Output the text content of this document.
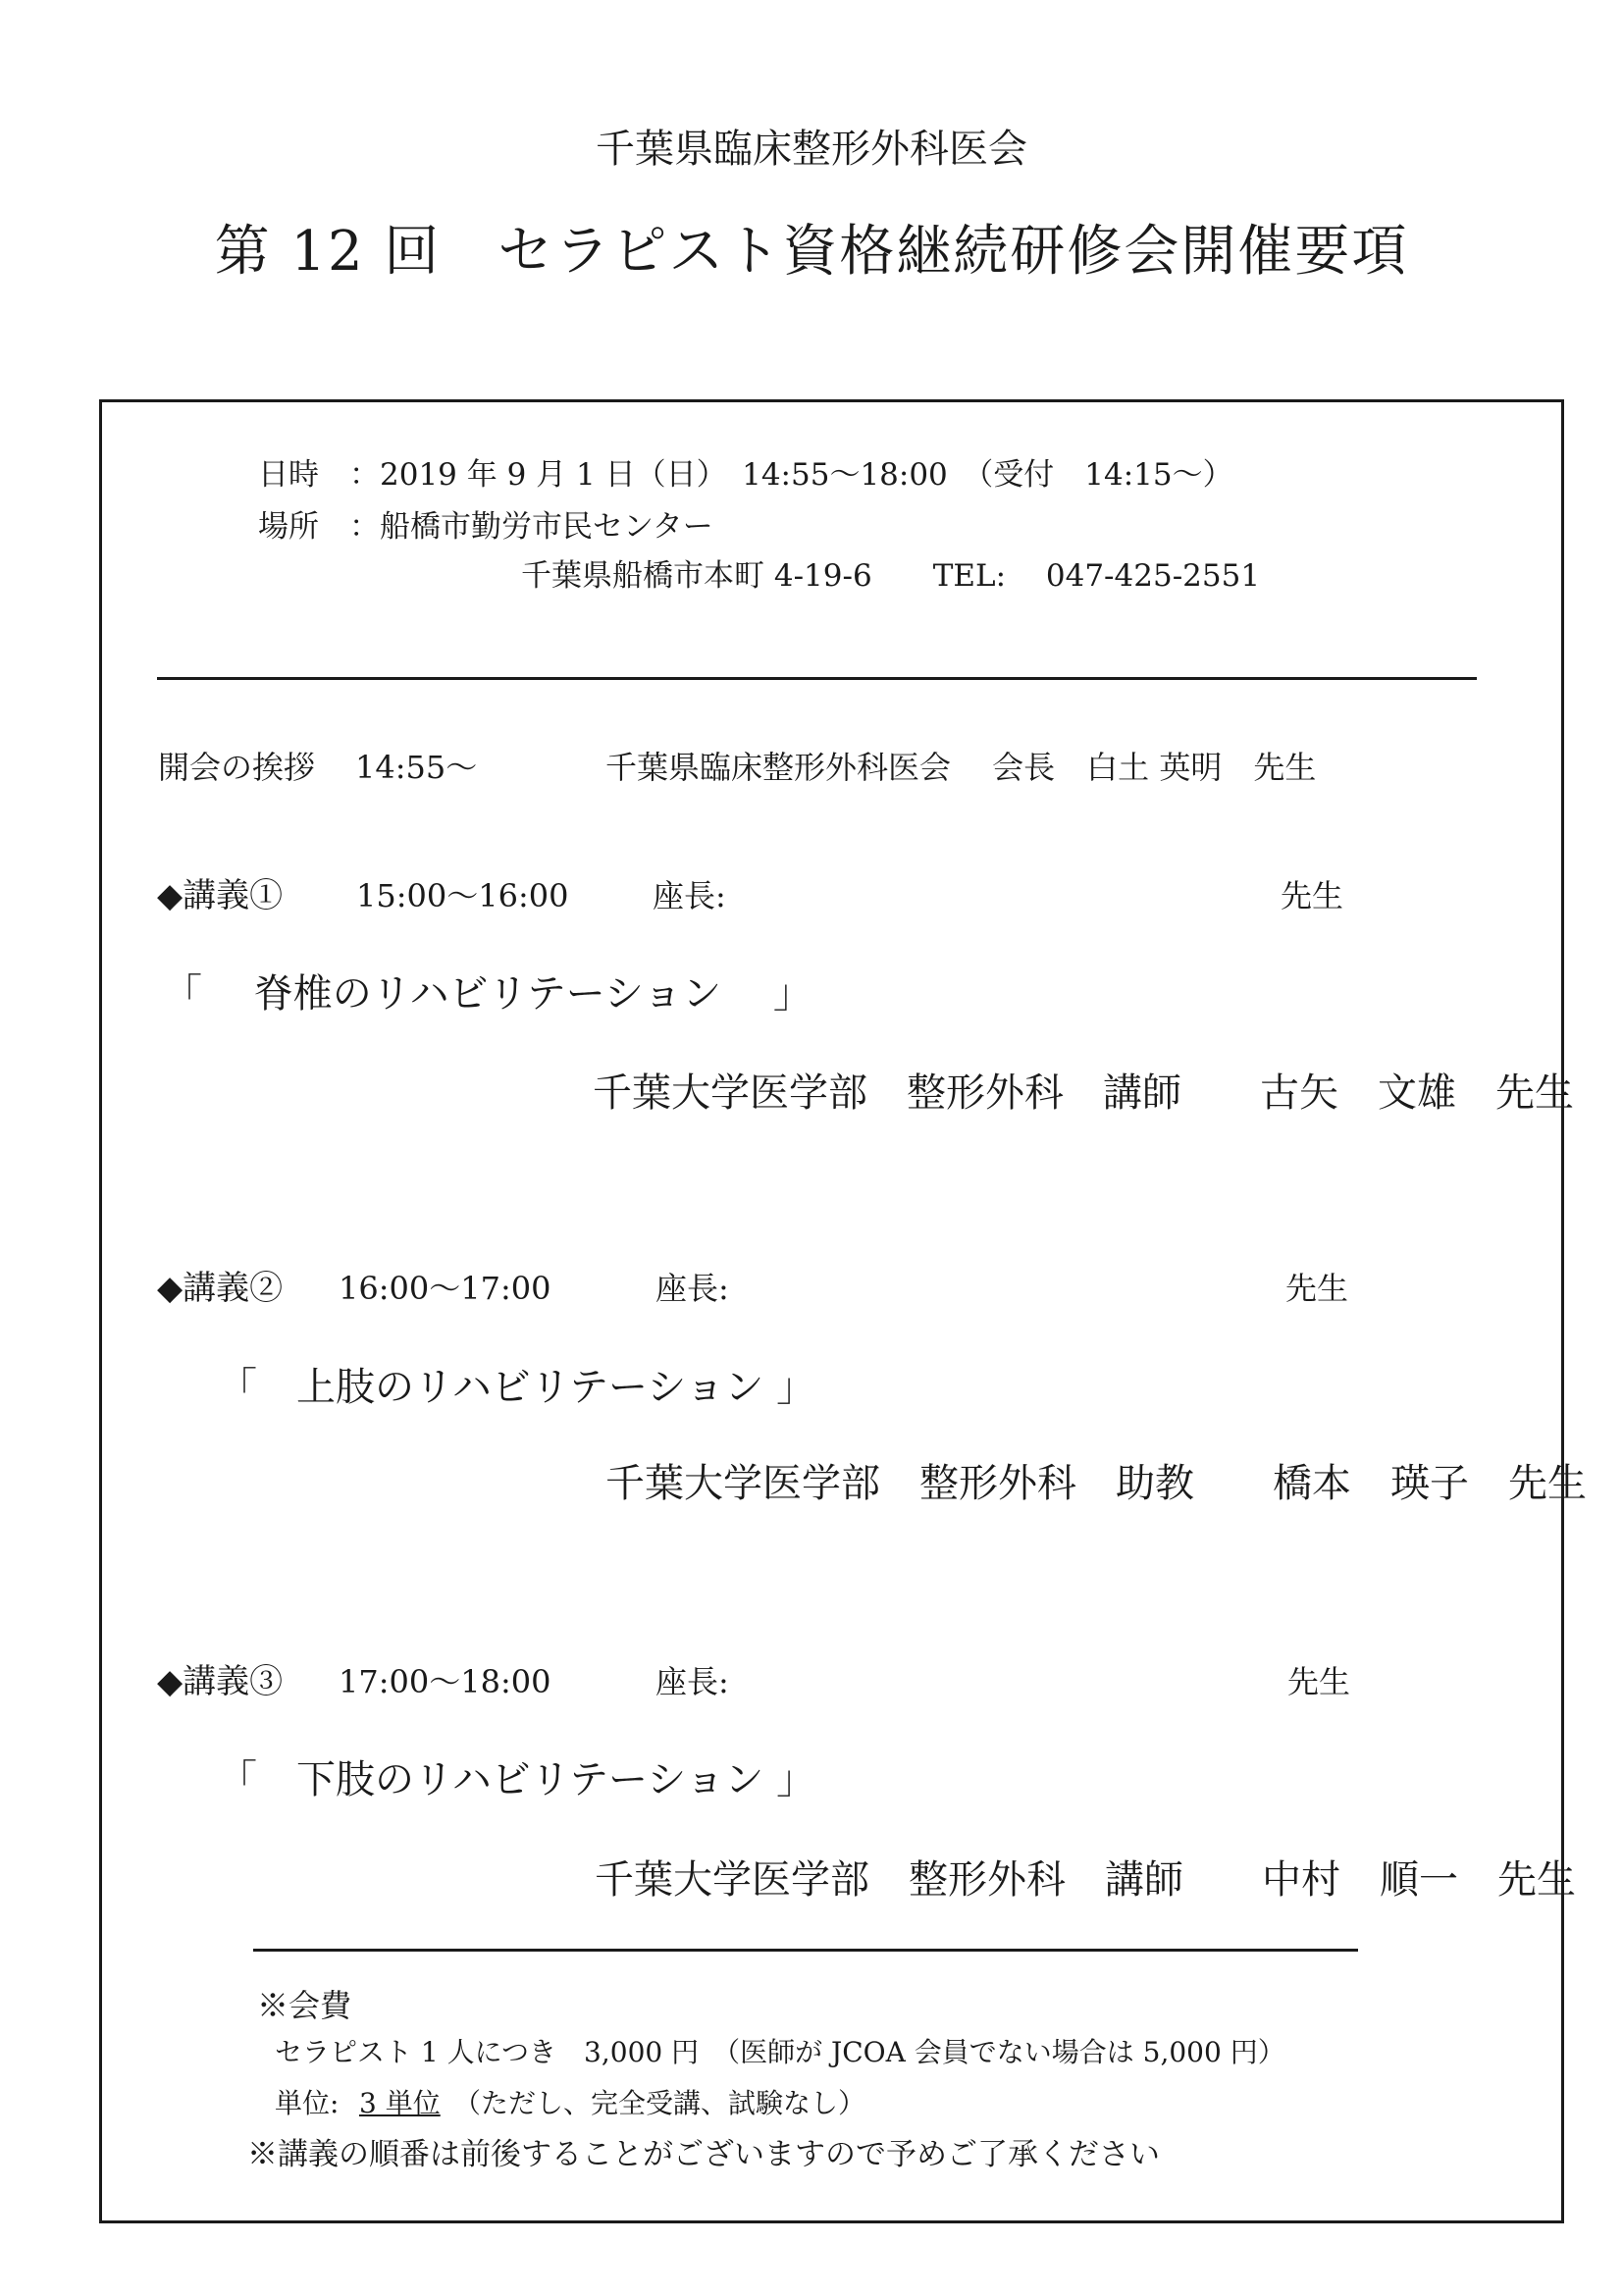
千葉県臨床整形外科医会
第 12 回　セラピスト資格継続研修会開催要項
日時　： 2019 年 9 月 1 日（日）　14:55〜18:00　（受付　14:15〜）
場所　： 船橋市勤労市民センター
千葉県船橋市本町 4-19-6　　TEL:　 047-425-2551
開会の挨拶 14:55〜	千葉県臨床整形外科医会　 会長　白土 英明　先生
◆講義① 15:00〜16:00	座長:	先生
「　 脊椎のリハビリテーション　 」
千葉大学医学部　整形外科　講師　　古矢　文雄　先生
◆講義② 16:00〜17:00	座長:	先生
「　上肢のリハビリテーション 」
千葉大学医学部　整形外科　助教　　橋本　瑛子　先生
◆講義③ 17:00〜18:00	座長:	先生
「　下肢のリハビリテーション 」
千葉大学医学部　整形外科　講師　　中村　順一　先生
※会費
セラピスト 1 人につき　3,000 円　（医師が JCOA 会員でない場合は 5,000 円）
単位: 3 単位 （ただし、完全受講、試験なし）
※講義の順番は前後することがございますので予めご了承ください
